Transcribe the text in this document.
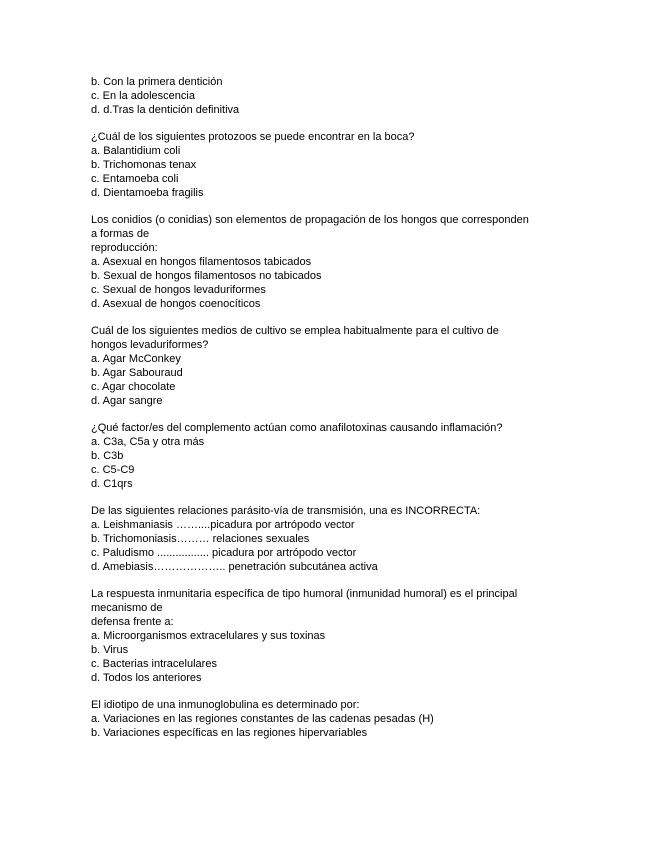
b. Con la primera dentición
c. En la adolescencia
d. d.Tras la dentición definitiva
¿Cuál de los siguientes protozoos se puede encontrar en la boca?
a. Balantidium coli
b. Trichomonas tenax
c. Entamoeba coli
d. Dientamoeba fragilis
Los conidios (o conidias) son elementos de propagación de los hongos que corresponden
a formas de
reproducción:
a. Asexual en hongos filamentosos tabicados
b. Sexual de hongos filamentosos no tabicados
c. Sexual de hongos levaduriformes
d. Asexual de hongos coenocíticos
Cuál de los siguientes medios de cultivo se emplea habitualmente para el cultivo de
hongos levaduriformes?
a. Agar McConkey
b. Agar Sabouraud
c. Agar chocolate
d. Agar sangre
¿Qué factor/es del complemento actúan como anafilotoxinas causando inflamación?
a. C3a, C5a y otra más
b. C3b
c. C5-C9
d. C1qrs
De las siguientes relaciones parásito-vía de transmisión, una es INCORRECTA:
a. Leishmaniasis ……....picadura por artrópodo vector
b. Trichomoniasis……… relaciones sexuales
c. Paludismo ................. picadura por artrópodo vector
d. Amebiasis……………….. penetración subcutánea activa
La respuesta inmunitaria específica de tipo humoral (inmunidad humoral) es el principal
mecanismo de
defensa frente a:
a. Microorganismos extracelulares y sus toxinas
b. Virus
c. Bacterias intracelulares
d. Todos los anteriores
El idiotipo de una inmunoglobulina es determinado por:
a. Variaciones en las regiones constantes de las cadenas pesadas (H)
b. Variaciones específicas en las regiones hipervariables
